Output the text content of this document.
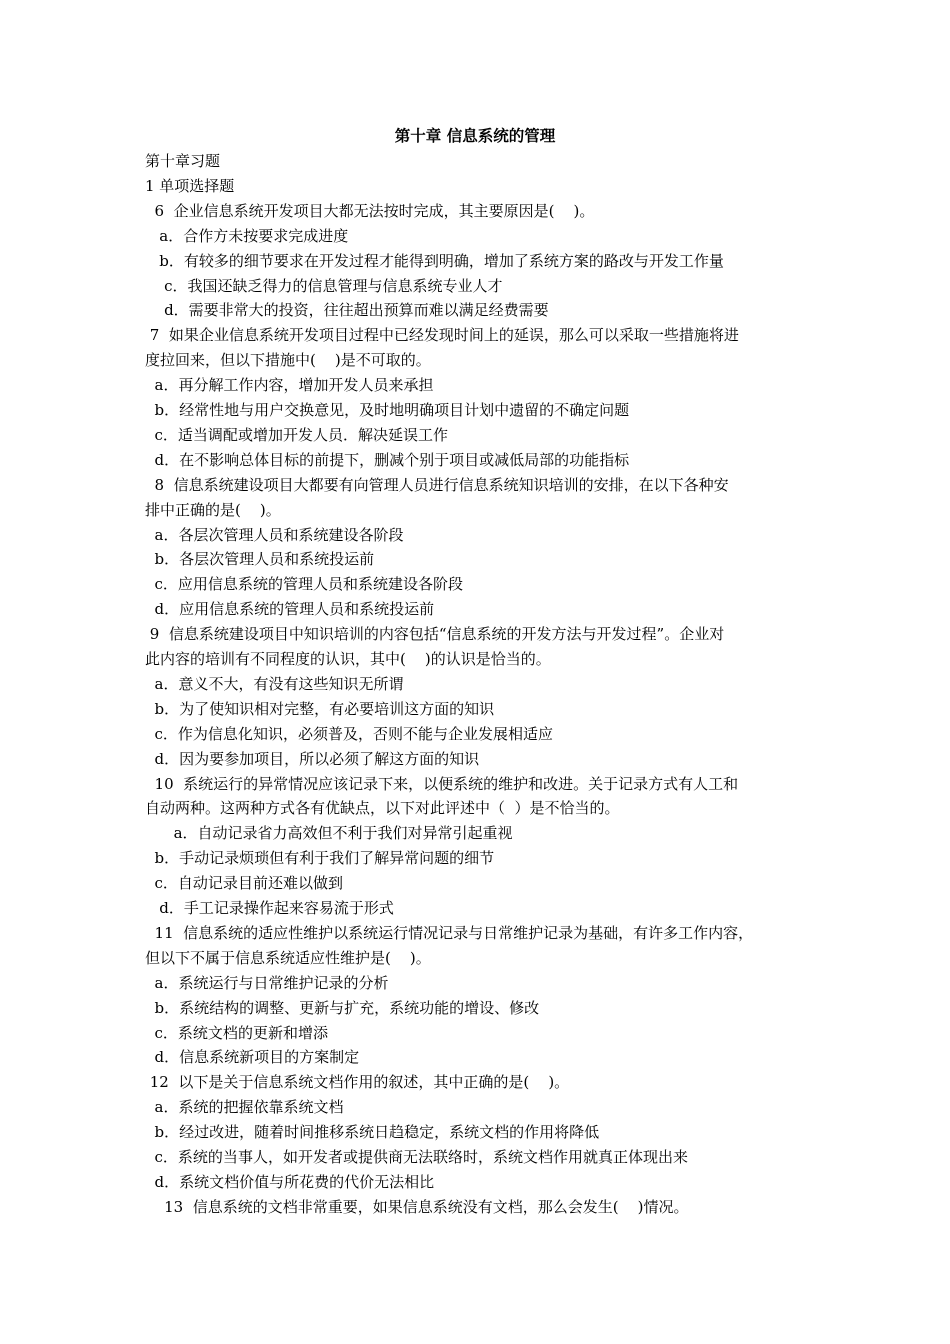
第十章 信息系统的管理
第十章习题
1 单项选择题
6  企业信息系统开发项目大都无法按时完成，其主要原因是(    )。
a．合作方未按要求完成进度
b．有较多的细节要求在开发过程才能得到明确，增加了系统方案的路改与开发工作量
c．我国还缺乏得力的信息管理与信息系统专业人才
d．需要非常大的投资，往往超出预算而难以满足经费需要
7  如果企业信息系统开发项目过程中已经发现时间上的延误，那么可以采取一些措施将进
度拉回来，但以下措施中(    )是不可取的。
a．再分解工作内容，增加开发人员来承担
b．经常性地与用户交换意见，及时地明确项目计划中遗留的不确定问题
c．适当调配或增加开发人员．解决延误工作
d．在不影响总体目标的前提下，删减个别于项目或减低局部的功能指标
8  信息系统建设项目大都要有向管理人员进行信息系统知识培训的安排，在以下各种安
排中正确的是(    )。
a．各层次管理人员和系统建设各阶段
b．各层次管理人员和系统投运前
c．应用信息系统的管理人员和系统建设各阶段
d．应用信息系统的管理人员和系统投运前
9  信息系统建设项目中知识培训的内容包括“信息系统的开发方法与开发过程”。企业对
此内容的培训有不同程度的认识，其中(    )的认识是恰当的。
a．意义不大，有没有这些知识无所谓
b．为了使知识相对完整，有必要培训这方面的知识
c．作为信息化知识，必须普及，否则不能与企业发展相适应
d．因为要参加项目，所以必须了解这方面的知识
10  系统运行的异常情况应该记录下来，以便系统的维护和改进。关于记录方式有人工和
自动两种。这两种方式各有优缺点，以下对此评述中（  ）是不恰当的。
a．自动记录省力高效但不利于我们对异常引起重视
b．手动记录烦琐但有利于我们了解异常问题的细节
c．自动记录目前还难以做到
d．手工记录操作起来容易流于形式
11  信息系统的适应性维护以系统运行情况记录与日常维护记录为基础，有许多工作内容，
但以下不属于信息系统适应性维护是(    )。
a．系统运行与日常维护记录的分析
b．系统结构的调整、更新与扩充，系统功能的增设、修改
c．系统文档的更新和增添
d．信息系统新项目的方案制定
12  以下是关于信息系统文档作用的叙述，其中正确的是(    )。
a．系统的把握依靠系统文档
b．经过改进，随着时间推移系统日趋稳定，系统文档的作用将降低
c．系统的当事人，如开发者或提供商无法联络时，系统文档作用就真正体现出来
d．系统文档价值与所花费的代价无法相比
13  信息系统的文档非常重要，如果信息系统没有文档，那么会发生(    )情况。
